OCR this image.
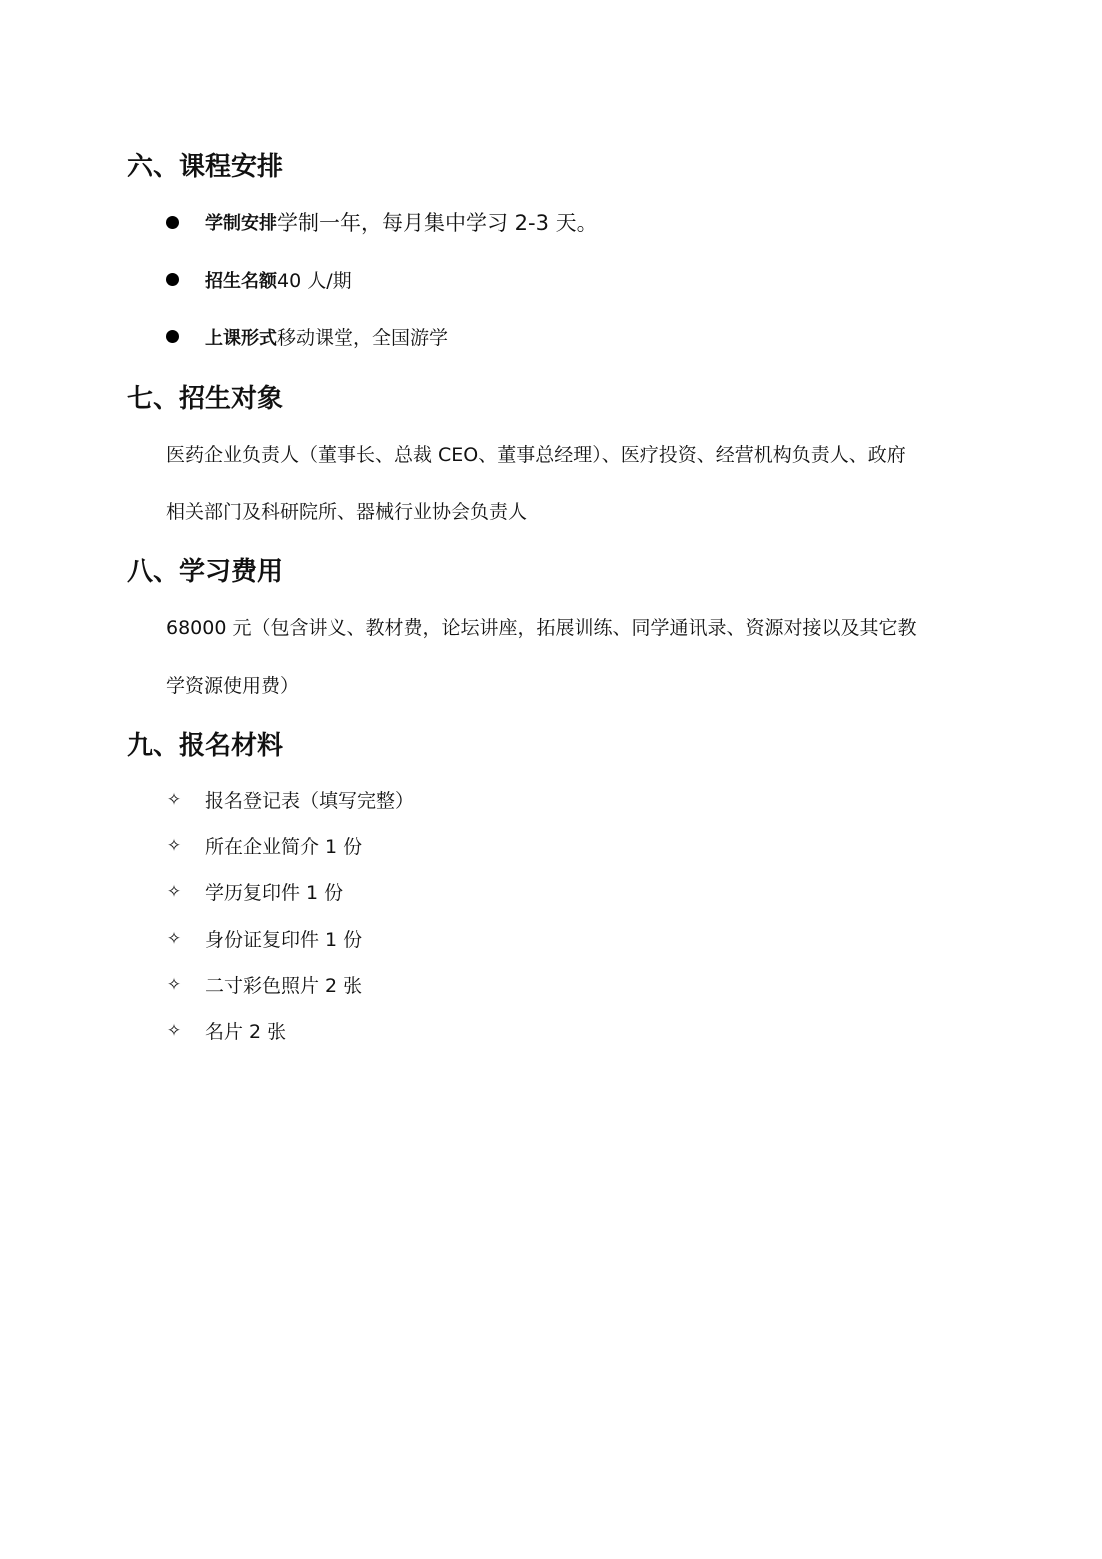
六、课程安排
学制安排 学制一年，每月集中学习 2-3 天。
招生名额 40 人/期
上课形式 移动课堂，全国游学
七、招生对象
医药企业负责人（董事长、总裁 CEO、董事总经理）、医疗投资、经营机构负责人、政府
相关部门及科研院所、器械行业协会负责人
八、学习费用
68000 元（包含讲义、教材费，论坛讲座，拓展训练、同学通讯录、资源对接以及其它教
学资源使用费）
九、报名材料
✧ 报名登记表（填写完整）
✧ 所在企业简介 1 份
✧ 学历复印件 1 份
✧ 身份证复印件 1 份
✧ 二寸彩色照片 2 张
✧ 名片 2 张
